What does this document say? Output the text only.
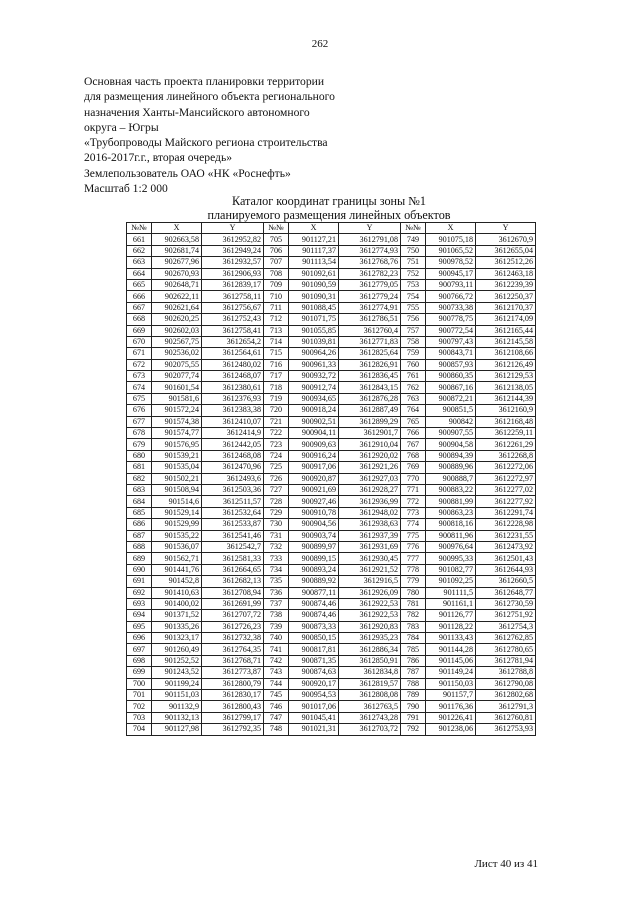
262
Основная часть проекта планировки территории
для размещения линейного объекта регионального
назначения Ханты-Мансийского автономного
округа – Югры
«Трубопроводы Майского региона строительства
2016-2017г.г., вторая очередь»
Землепользователь ОАО «НК «Роснефть»
Масштаб 1:2 000
Каталог координат границы зоны №1
планируемого размещения линейных объектов
№№	X	Y	№№	X	Y	№№	X	Y
661	902663,58	3612952,82	705	901127,21	3612791,08	749	901075,18	3612670,9
662	902681,74	3612949,24	706	901117,37	3612774,93	750	901065,52	3612655,04
663	902677,96	3612932,57	707	901113,54	3612768,76	751	900978,52	3612512,26
664	902670,93	3612906,93	708	901092,61	3612782,23	752	900945,17	3612463,18
665	902648,71	3612839,17	709	901090,59	3612779,05	753	900793,11	3612239,39
666	902622,11	3612758,11	710	901090,31	3612779,24	754	900766,72	3612250,37
667	902621,64	3612756,67	711	901088,45	3612774,91	755	900733,38	3612170,37
668	902620,25	3612752,43	712	901071,75	3612786,51	756	900778,75	3612174,09
669	902602,03	3612758,41	713	901055,85	3612760,4	757	900772,54	3612165,44
670	902567,75	3612654,2	714	901039,81	3612771,83	758	900797,43	3612145,58
671	902536,02	3612564,61	715	900964,26	3612825,64	759	900843,71	3612108,66
672	902075,55	3612480,02	716	900961,33	3612826,91	760	900857,93	3612126,49
673	902077,74	3612468,07	717	900932,72	3612836,45	761	900860,35	3612129,53
674	901601,54	3612380,61	718	900912,74	3612843,15	762	900867,16	3612138,05
675	901581,6	3612376,93	719	900934,65	3612876,28	763	900872,21	3612144,39
676	901572,24	3612383,38	720	900918,24	3612887,49	764	900851,5	3612160,9
677	901574,38	3612410,07	721	900902,51	3612899,29	765	900842	3612168,48
678	901574,77	3612414,9	722	900904,11	3612901,7	766	900907,55	3612259,11
679	901576,95	3612442,05	723	900909,63	3612910,04	767	900904,58	3612261,29
680	901539,21	3612468,08	724	900916,24	3612920,02	768	900894,39	3612268,8
681	901535,04	3612470,96	725	900917,06	3612921,26	769	900889,96	3612272,06
682	901502,21	3612493,6	726	900920,87	3612927,03	770	900888,7	3612272,97
683	901508,94	3612503,36	727	900921,69	3612928,27	771	900883,22	3612277,02
684	901514,6	3612511,57	728	900927,46	3612936,99	772	900881,99	3612277,92
685	901529,14	3612532,64	729	900910,78	3612948,02	773	900863,23	3612291,74
686	901529,99	3612533,87	730	900904,56	3612938,63	774	900818,16	3612228,98
687	901535,22	3612541,46	731	900903,74	3612937,39	775	900811,96	3612231,55
688	901536,07	3612542,7	732	900899,97	3612931,69	776	900976,64	3612473,92
689	901562,71	3612581,33	733	900899,15	3612930,45	777	900995,33	3612501,43
690	901441,76	3612664,65	734	900893,24	3612921,52	778	901082,77	3612644,93
691	901452,8	3612682,13	735	900889,92	3612916,5	779	901092,25	3612660,5
692	901410,63	3612708,94	736	900877,11	3612926,09	780	901111,5	3612648,77
693	901400,02	3612691,99	737	900874,46	3612922,53	781	901161,1	3612730,59
694	901371,52	3612707,72	738	900874,46	3612922,53	782	901126,77	3612751,92
695	901335,26	3612726,23	739	900873,33	3612920,83	783	901128,22	3612754,3
696	901323,17	3612732,38	740	900850,15	3612935,23	784	901133,43	3612762,85
697	901260,49	3612764,35	741	900817,81	3612886,34	785	901144,28	3612780,65
698	901252,52	3612768,71	742	900871,35	3612850,91	786	901145,06	3612781,94
699	901243,52	3612773,87	743	900874,63	3612834,8	787	901149,24	3612788,8
700	901199,24	3612800,79	744	900920,17	3612819,57	788	901150,03	3612790,08
701	901151,03	3612830,17	745	900954,53	3612808,08	789	901157,7	3612802,68
702	901132,9	3612800,43	746	901017,06	3612763,5	790	901176,36	3612791,3
703	901132,13	3612799,17	747	901045,41	3612743,28	791	901226,41	3612760,81
704	901127,98	3612792,35	748	901021,31	3612703,72	792	901238,06	3612753,93
Лист 40 из 41
